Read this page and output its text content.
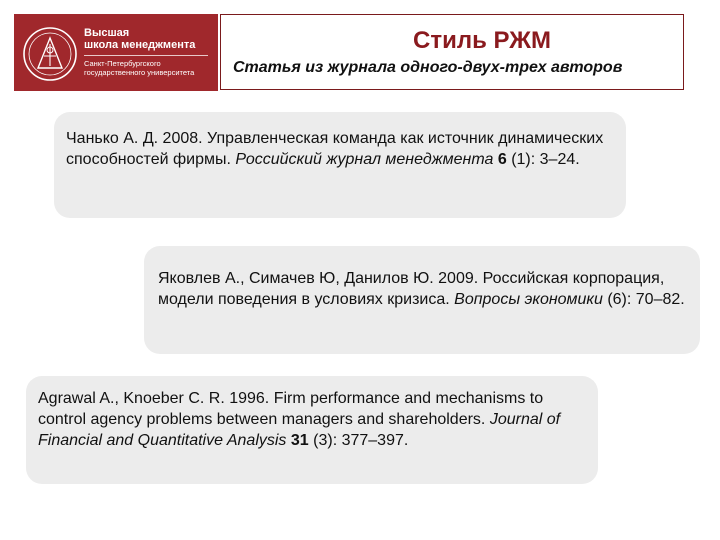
Высшая
школа менеджмента
Санкт-Петербургского
государственного университета
Стиль РЖМ
Статья из журнала одного-двух-трех авторов

Чанько А. Д. 2008. Управленческая команда как источник динамических способностей фирмы. Российский журнал менеджмента 6 (1): 3–24.

Яковлев А., Симачев Ю, Данилов Ю. 2009. Российская корпорация, модели поведения в условиях кризиса. Вопросы экономики (6): 70–82.

Agrawal A., Knoeber C. R. 1996. Firm performance and mechanisms to control agency problems between managers and shareholders. Journal of Financial and Quantitative Analysis 31 (3): 377–397.
